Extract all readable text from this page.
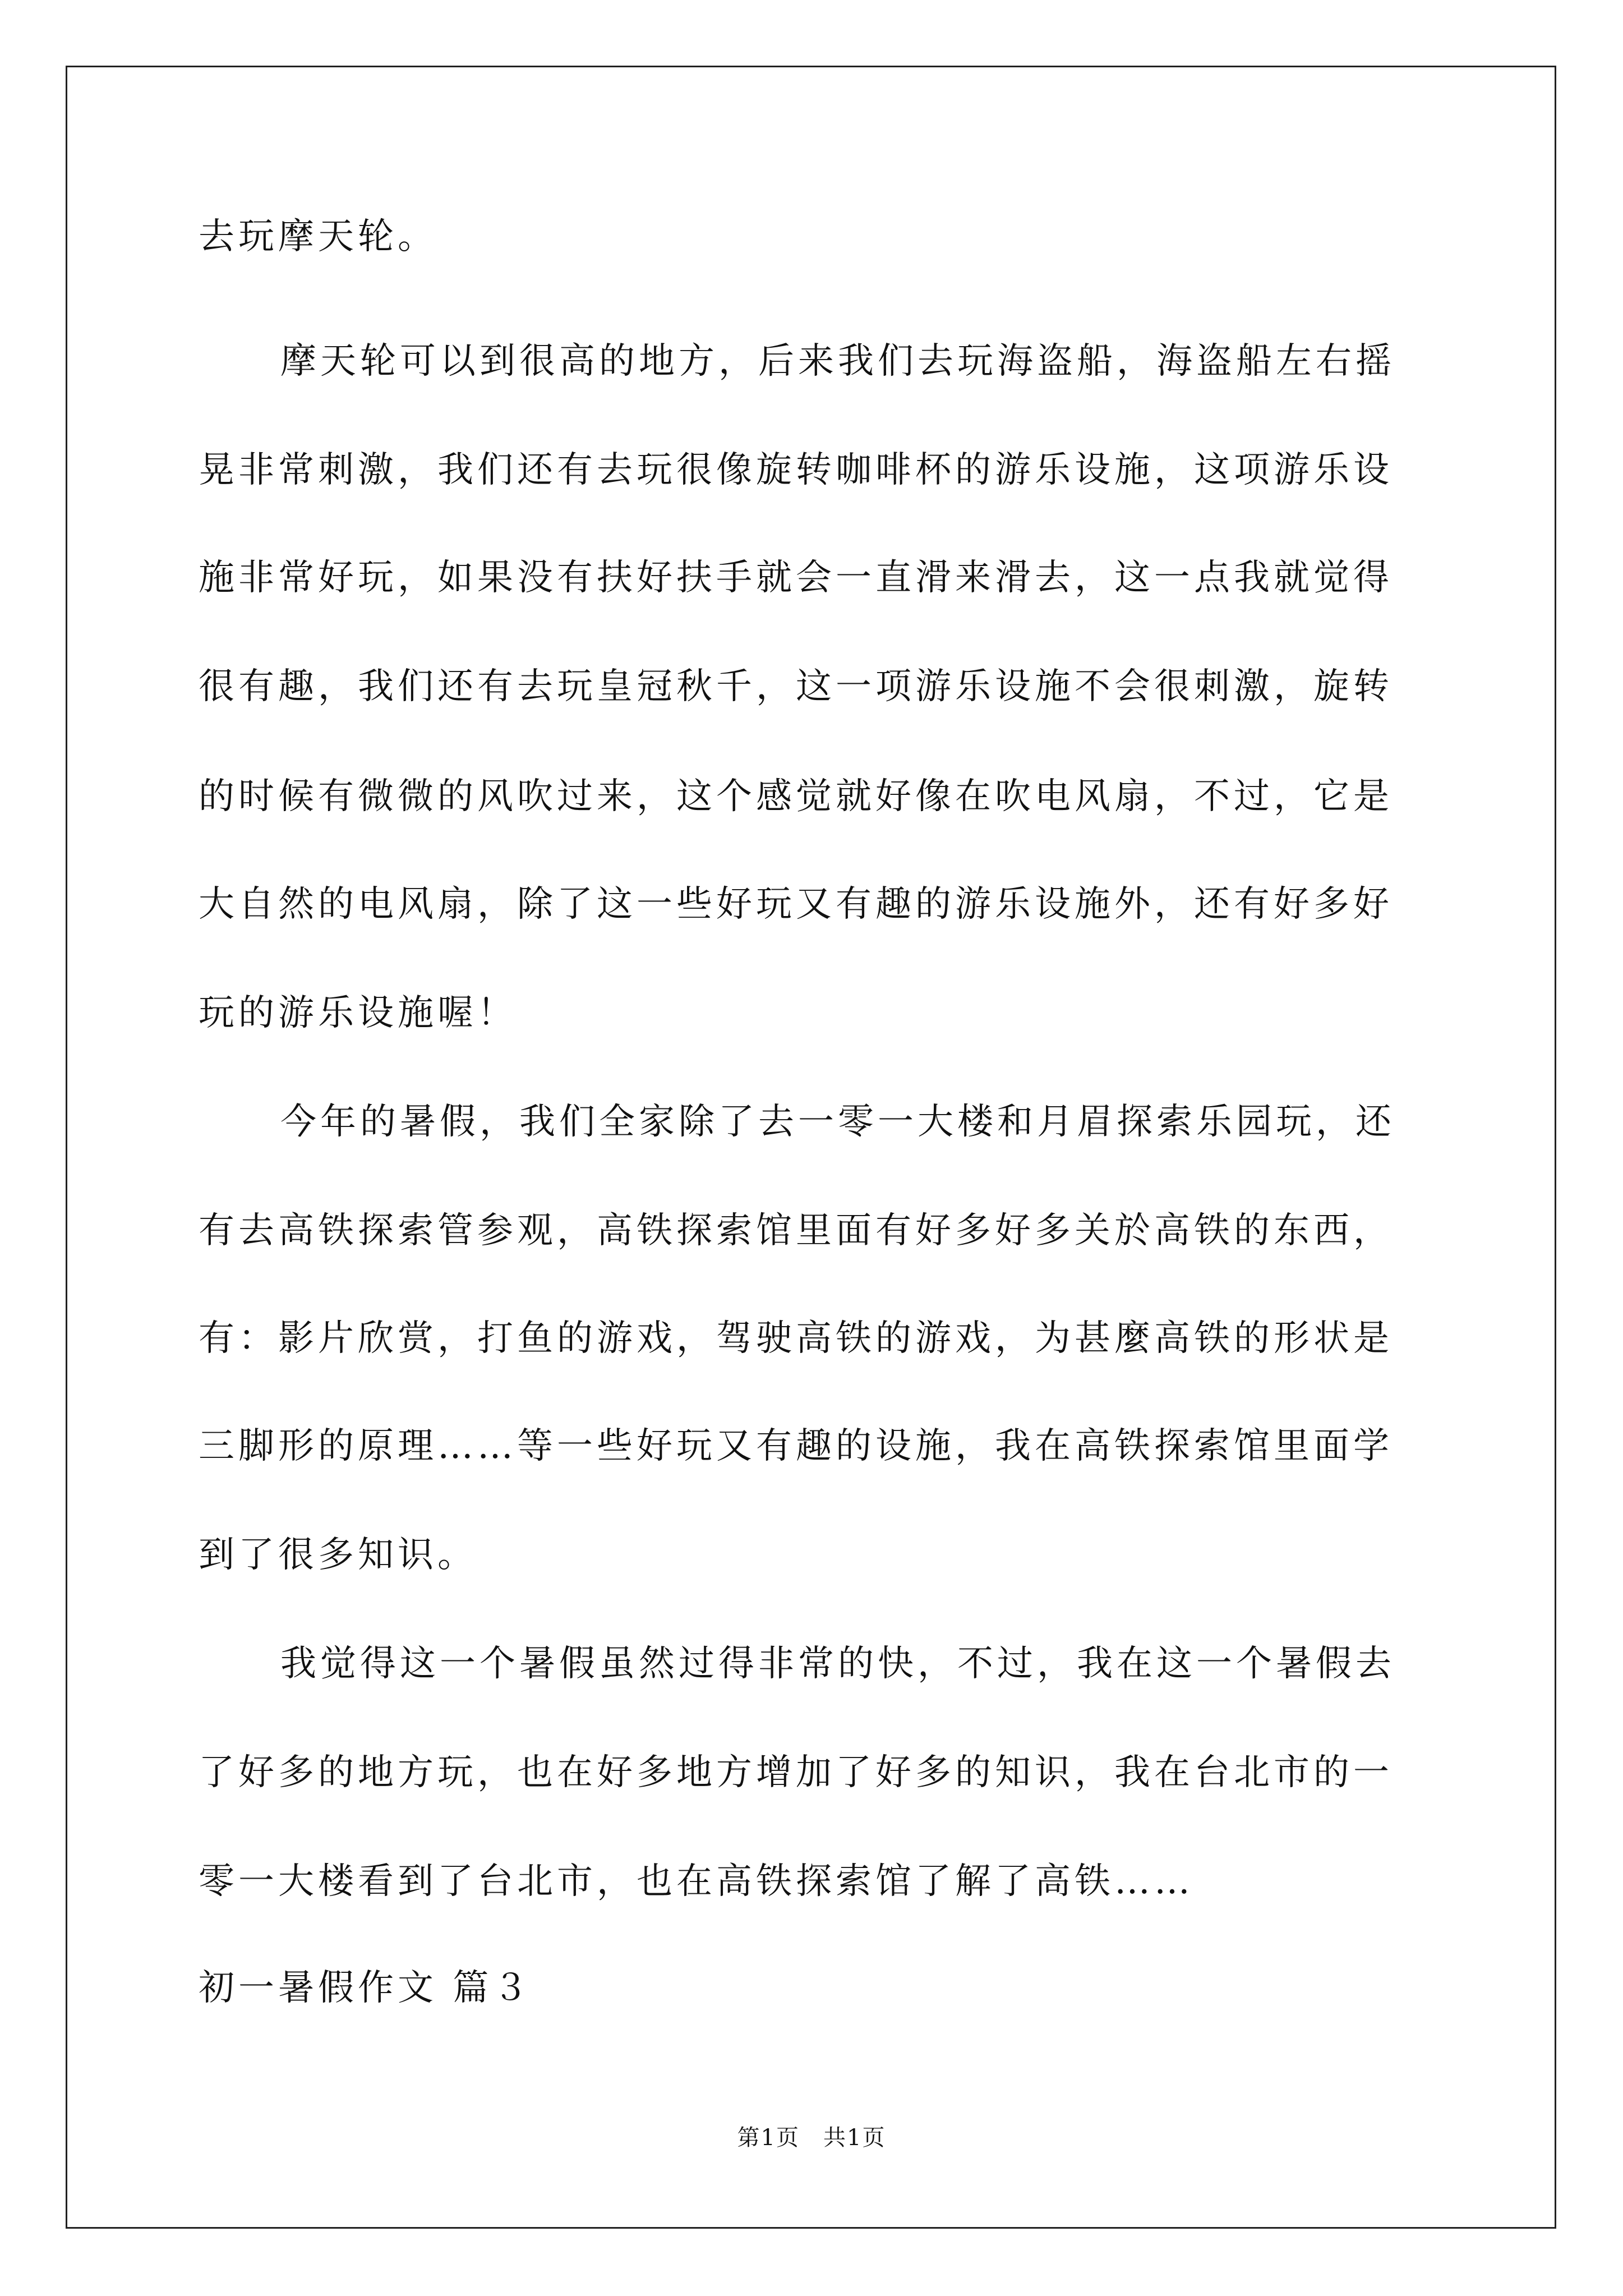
去玩摩天轮。
摩天轮可以到很高的地方，后来我们去玩海盗船，海盗船左右摇
晃非常刺激，我们还有去玩很像旋转咖啡杯的游乐设施，这项游乐设
施非常好玩，如果没有扶好扶手就会一直滑来滑去，这一点我就觉得
很有趣，我们还有去玩皇冠秋千，这一项游乐设施不会很刺激，旋转
的时候有微微的风吹过来，这个感觉就好像在吹电风扇，不过，它是
大自然的电风扇，除了这一些好玩又有趣的游乐设施外，还有好多好
玩的游乐设施喔！
今年的暑假，我们全家除了去一零一大楼和月眉探索乐园玩，还
有去高铁探索管参观，高铁探索馆里面有好多好多关於高铁的东西，
有：影片欣赏，打鱼的游戏，驾驶高铁的游戏，为甚麼高铁的形状是
三脚形的原理……等一些好玩又有趣的设施，我在高铁探索馆里面学
到了很多知识。
我觉得这一个暑假虽然过得非常的快，不过，我在这一个暑假去
了好多的地方玩，也在好多地方增加了好多的知识，我在台北市的一
零一大楼看到了台北市，也在高铁探索馆了解了高铁……
初一暑假作文 篇３
第1页　共1页
